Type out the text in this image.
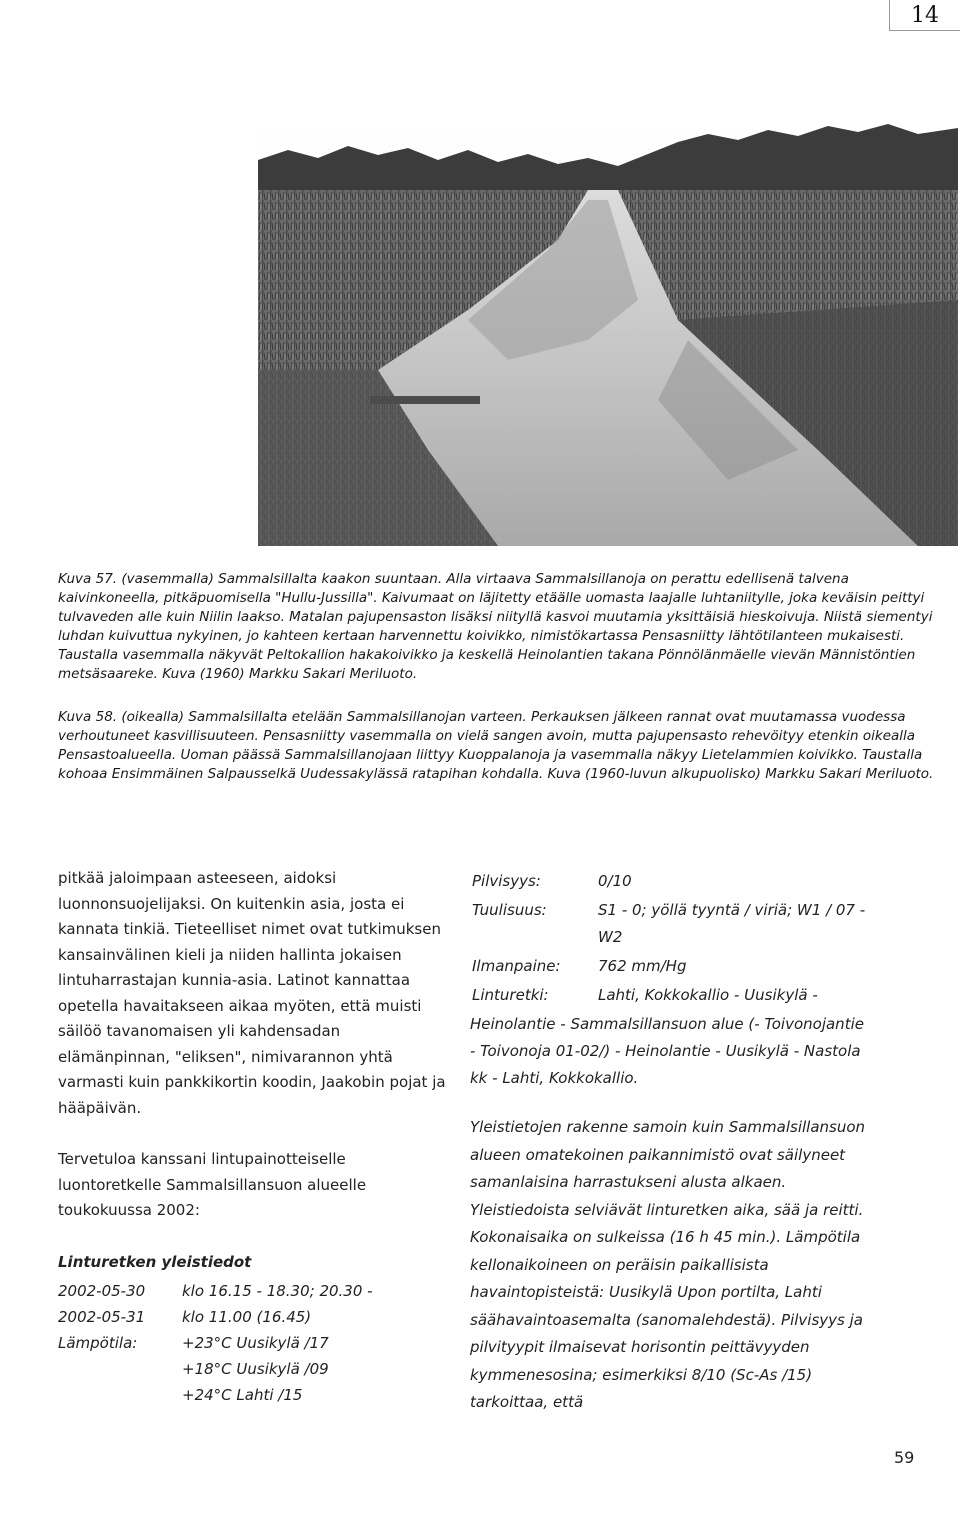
14

Kuva 57. (vasemmalla) Sammalsillalta kaakon suuntaan. Alla virtaava Sammalsillanoja on perattu edellisenä talvena kaivinkoneella, pitkäpuomisella "Hullu-Jussilla". Kaivumaat on läjitetty etäälle uomasta laajalle luhtaniitylle, joka keväisin peittyi tulvaveden alle kuin Niilin laakso. Matalan pajupensaston lisäksi niityllä kasvoi muutamia yksittäisiä hieskoivuja. Niistä siementyi luhdan kuivuttua nykyinen, jo kahteen kertaan harvennettu koivikko, nimistökartassa Pensasniitty lähtötilanteen mukaisesti. Taustalla vasemmalla näkyvät Peltokallion hakakoivikko ja keskellä Heinolantien takana Pönnölänmäelle vievän Männistöntien metsäsaareke. Kuva (1960) Markku Sakari Meriluoto.

Kuva 58. (oikealla) Sammalsillalta etelään Sammalsillanojan varteen. Perkauksen jälkeen rannat ovat muutamassa vuodessa verhoutuneet kasvillisuuteen. Pensasniitty vasemmalla on vielä sangen avoin, mutta pajupensasto rehevöityy etenkin oikealla Pensastoalueella. Uoman päässä Sammalsillanojaan liittyy Kuoppalanoja ja vasemmalla näkyy Lietelammien koivikko. Taustalla kohoaa Ensimmäinen Salpausselkä Uudessakylässä ratapihan kohdalla. Kuva (1960-luvun alkupuolisko) Markku Sakari Meriluoto.

pitkää jaloimpaan asteeseen, aidoksi luonnonsuojelijaksi. On kuitenkin asia, josta ei kannata tinkiä. Tieteelliset nimet ovat tutkimuksen kansainvälinen kieli ja niiden hallinta jokaisen lintuharrastajan kunnia-asia. Latinot kannattaa opetella havaitakseen aikaa myöten, että muisti säilöö tavanomaisen yli kahdensadan elämänpinnan, "eliksen", nimivarannon yhtä varmasti kuin pankkikortin koodin, Jaakobin pojat ja hääpäivän.

Tervetuloa kanssani lintupainotteiselle luontoretkelle Sammalsillansuon alueelle toukokuussa 2002:

Linturetken yleistiedot
2002-05-30	klo 16.15 - 18.30; 20.30 -
2002-05-31	klo 11.00 (16.45)
Lämpötila:	+23°C Uusikylä /17
	+18°C Uusikylä /09
	+24°C Lahti /15
Pilvisyys:	0/10
Tuulisuus:	S1 - 0; yöllä tyyntä / viriä; W1 / 07 - W2
Ilmanpaine:	762 mm/Hg
Linturetki:	Lahti, Kokkokallio - Uusikylä -
Heinolantie - Sammalsillansuon alue (- Toivonojantie - Toivonoja 01-02/) - Heinolantie - Uusikylä - Nastola kk - Lahti, Kokkokallio.

Yleistietojen rakenne samoin kuin Sammalsillansuon alueen omatekoinen paikannimistö ovat säilyneet samanlaisina harrastukseni alusta alkaen. Yleistiedoista selviävät linturetken aika, sää ja reitti. Kokonaisaika on sulkeissa (16 h 45 min.). Lämpötila kellonaikoineen on peräisin paikallisista havaintopisteistä: Uusikylä Upon portilta, Lahti säähavaintoasemalta (sanomalehdestä). Pilvisyys ja pilvityypit ilmaisevat horisontin peittävyyden kymmenesosina; esimerkiksi 8/10 (Sc-As /15) tarkoittaa, että

59
